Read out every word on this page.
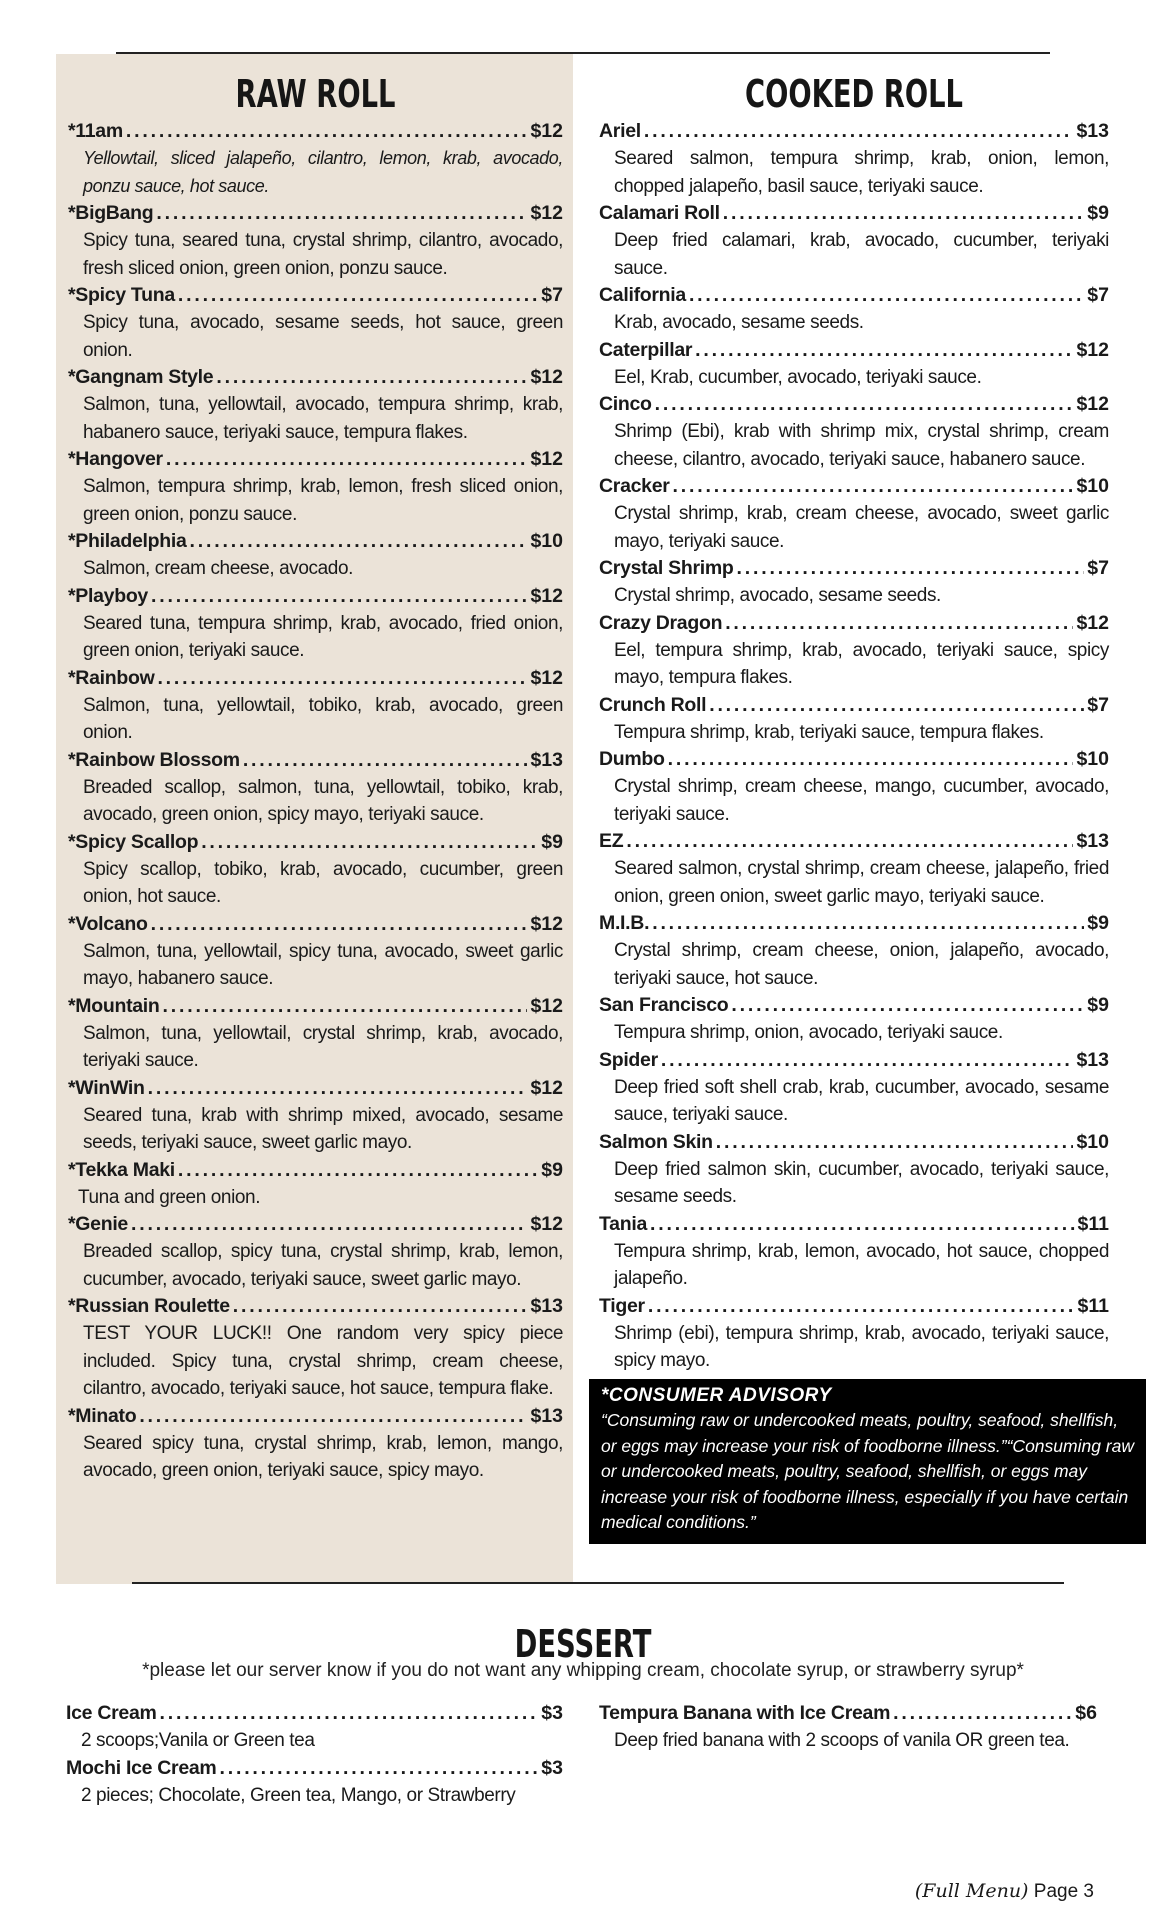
RAW ROLL
*11am . . .	$12
Yellowtail, sliced jalapeño, cilantro, lemon, krab, avocado, ponzu sauce, hot sauce.
*BigBang . . .	$12
Spicy tuna, seared tuna, crystal shrimp, cilantro, avocado, fresh sliced onion, green onion, ponzu sauce.
*Spicy Tuna . . .	$7
Spicy tuna, avocado, sesame seeds, hot sauce, green onion.
*Gangnam Style . . .	$12
Salmon, tuna, yellowtail, avocado, tempura shrimp, krab, habanero sauce, teriyaki sauce, tempura flakes.
*Hangover . . .	$12
Salmon, tempura shrimp, krab, lemon, fresh sliced onion, green onion, ponzu sauce.
*Philadelphia . . .	$10
Salmon, cream cheese, avocado.
*Playboy . . .	$12
Seared tuna, tempura shrimp, krab, avocado, fried onion, green onion, teriyaki sauce.
*Rainbow . . .	$12
Salmon, tuna, yellowtail, tobiko, krab, avocado, green onion.
*Rainbow Blossom . . .	$13
Breaded scallop, salmon, tuna, yellowtail, tobiko, krab, avocado, green onion, spicy mayo, teriyaki sauce.
*Spicy Scallop . . .	$9
Spicy scallop, tobiko, krab, avocado, cucumber, green onion, hot sauce.
*Volcano . . .	$12
Salmon, tuna, yellowtail, spicy tuna, avocado, sweet garlic mayo, habanero sauce.
*Mountain . . .	$12
Salmon, tuna, yellowtail, crystal shrimp, krab, avocado, teriyaki sauce.
*WinWin . . .	$12
Seared tuna, krab with shrimp mixed, avocado, sesame seeds, teriyaki sauce, sweet garlic mayo.
*Tekka Maki . . .	$9
Tuna and green onion.
*Genie . . .	$12
Breaded scallop, spicy tuna, crystal shrimp, krab, lemon, cucumber, avocado, teriyaki sauce, sweet garlic mayo.
*Russian Roulette . . .	$13
TEST YOUR LUCK!! One random very spicy piece included. Spicy tuna, crystal shrimp, cream cheese, cilantro, avocado, teriyaki sauce, hot sauce, tempura flake.
*Minato . . .	$13
Seared spicy tuna, crystal shrimp, krab, lemon, mango, avocado, green onion, teriyaki sauce, spicy mayo.
COOKED ROLL
Ariel . . .	$13
Seared salmon, tempura shrimp, krab, onion, lemon, chopped jalapeño, basil sauce, teriyaki sauce.
Calamari Roll . . .	$9
Deep fried calamari, krab, avocado, cucumber, teriyaki sauce.
California . . .	$7
Krab, avocado, sesame seeds.
Caterpillar . . .	$12
Eel, Krab, cucumber, avocado, teriyaki sauce.
Cinco . . .	$12
Shrimp (Ebi), krab with shrimp mix, crystal shrimp, cream cheese, cilantro, avocado, teriyaki sauce, habanero sauce.
Cracker . . .	$10
Crystal shrimp, krab, cream cheese, avocado, sweet garlic mayo, teriyaki sauce.
Crystal Shrimp . . .	$7
Crystal shrimp, avocado, sesame seeds.
Crazy Dragon . . .	$12
Eel, tempura shrimp, krab, avocado, teriyaki sauce, spicy mayo, tempura flakes.
Crunch Roll . . .	$7
Tempura shrimp, krab, teriyaki sauce, tempura flakes.
Dumbo . . .	$10
Crystal shrimp, cream cheese, mango, cucumber, avocado, teriyaki sauce.
EZ . . .	$13
Seared salmon, crystal shrimp, cream cheese, jalapeño, fried onion, green onion, sweet garlic mayo, teriyaki sauce.
M.I.B. . . .	$9
Crystal shrimp, cream cheese, onion, jalapeño, avocado, teriyaki sauce, hot sauce.
San Francisco . . .	$9
Tempura shrimp, onion, avocado, teriyaki sauce.
Spider . . .	$13
Deep fried soft shell crab, krab, cucumber, avocado, sesame sauce, teriyaki sauce.
Salmon Skin . . .	$10
Deep fried salmon skin, cucumber, avocado, teriyaki sauce, sesame seeds.
Tania . . .	$11
Tempura shrimp, krab, lemon, avocado, hot sauce, chopped jalapeño.
Tiger . . .	$11
Shrimp (ebi), tempura shrimp, krab, avocado, teriyaki sauce, spicy mayo.
*CONSUMER ADVISORY
“Consuming raw or undercooked meats, poultry, seafood, shellfish, or eggs may increase your risk of foodborne illness.”“Consuming raw or undercooked meats, poultry, seafood, shellfish, or eggs may increase your risk of foodborne illness, especially if you have certain medical conditions.”
DESSERT
*please let our server know if you do not want any whipping cream, chocolate syrup, or strawberry syrup*
Ice Cream . . .	$3
2 scoops;Vanila or Green tea
Mochi Ice Cream . . .	$3
2 pieces; Chocolate, Green tea, Mango, or Strawberry
Tempura Banana with Ice Cream . . .	$6
Deep fried banana with 2 scoops of vanila OR green tea.
(Full Menu) Page 3
